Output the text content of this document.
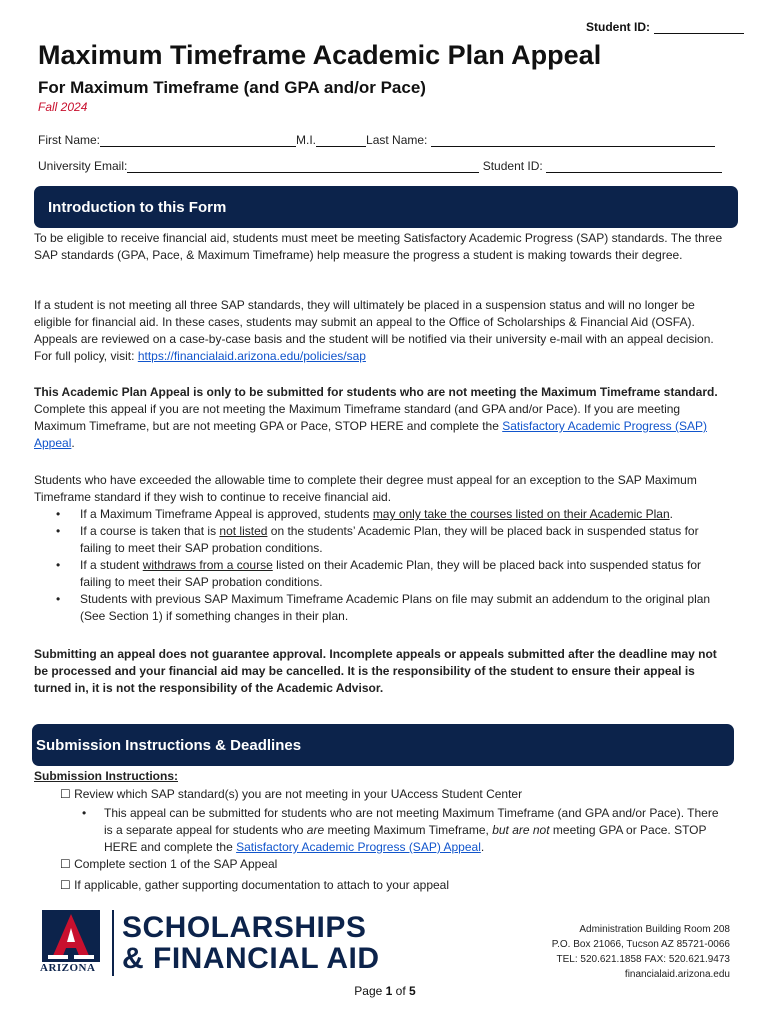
Student ID:
Maximum Timeframe Academic Plan Appeal
For Maximum Timeframe (and GPA and/or Pace)
Fall 2024
First Name:	M.I.	Last Name:
University Email:	Student ID:
Introduction to this Form
To be eligible to receive financial aid, students must meet be meeting Satisfactory Academic Progress (SAP) standards. The three SAP standards (GPA, Pace, & Maximum Timeframe) help measure the progress a student is making towards their degree.
If a student is not meeting all three SAP standards, they will ultimately be placed in a suspension status and will no longer be eligible for financial aid. In these cases, students may submit an appeal to the Office of Scholarships & Financial Aid (OSFA). Appeals are reviewed on a case-by-case basis and the student will be notified via their university e-mail with an appeal decision. For full policy, visit: https://financialaid.arizona.edu/policies/sap
This Academic Plan Appeal is only to be submitted for students who are not meeting the Maximum Timeframe standard. Complete this appeal if you are not meeting the Maximum Timeframe standard (and GPA and/or Pace). If you are meeting Maximum Timeframe, but are not meeting GPA or Pace, STOP HERE and complete the Satisfactory Academic Progress (SAP) Appeal.
Students who have exceeded the allowable time to complete their degree must appeal for an exception to the SAP Maximum Timeframe standard if they wish to continue to receive financial aid.
• If a Maximum Timeframe Appeal is approved, students may only take the courses listed on their Academic Plan.
• If a course is taken that is not listed on the students’ Academic Plan, they will be placed back in suspended status for failing to meet their SAP probation conditions.
• If a student withdraws from a course listed on their Academic Plan, they will be placed back into suspended status for failing to meet their SAP probation conditions.
• Students with previous SAP Maximum Timeframe Academic Plans on file may submit an addendum to the original plan (See Section 1) if something changes in their plan.
Submitting an appeal does not guarantee approval. Incomplete appeals or appeals submitted after the deadline may not be processed and your financial aid may be cancelled. It is the responsibility of the student to ensure their appeal is turned in, it is not the responsibility of the Academic Advisor.
Submission Instructions & Deadlines
Submission Instructions:
☐ Review which SAP standard(s) you are not meeting in your UAccess Student Center
• This appeal can be submitted for students who are not meeting Maximum Timeframe (and GPA and/or Pace). There is a separate appeal for students who are meeting Maximum Timeframe, but are not meeting GPA or Pace. STOP HERE and complete the Satisfactory Academic Progress (SAP) Appeal.
☐ Complete section 1 of the SAP Appeal
☐ If applicable, gather supporting documentation to attach to your appeal
ARIZONA
SCHOLARSHIPS
& FINANCIAL AID
Administration Building Room 208
P.O. Box 21066, Tucson AZ 85721-0066
TEL: 520.621.1858 FAX: 520.621.9473
financialaid.arizona.edu
Page 1 of 5
